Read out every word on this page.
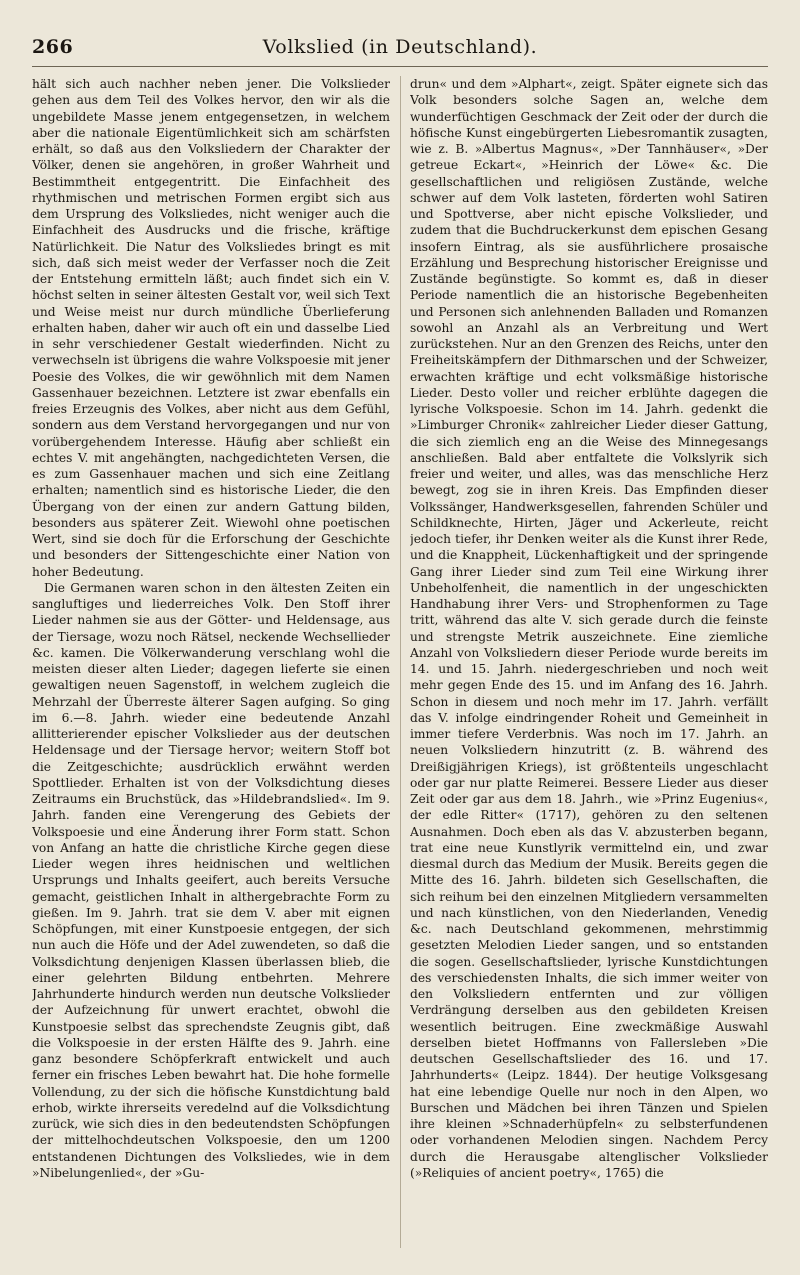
266	Volkslied (in Deutschland).

hält sich auch nachher neben jener. Die Volkslieder gehen aus dem Teil des Volkes hervor, den wir als die ungebildete Masse jenem entgegensetzen, in welchem aber die nationale Eigentümlichkeit sich am schärfsten erhält, so daß aus den Volksliedern der Charakter der Völker, denen sie angehören, in großer Wahrheit und Bestimmtheit entgegentritt. Die Einfachheit des rhythmischen und metrischen Formen ergibt sich aus dem Ursprung des Volksliedes, nicht weniger auch die Einfachheit des Ausdrucks und die frische, kräftige Natürlichkeit. Die Natur des Volksliedes bringt es mit sich, daß sich meist weder der Verfasser noch die Zeit der Entstehung ermitteln läßt; auch findet sich ein V. höchst selten in seiner ältesten Gestalt vor, weil sich Text und Weise meist nur durch mündliche Überlieferung erhalten haben, daher wir auch oft ein und dasselbe Lied in sehr verschiedener Gestalt wiederfinden. Nicht zu verwechseln ist übrigens die wahre Volkspoesie mit jener Poesie des Volkes, die wir gewöhnlich mit dem Namen Gassenhauer bezeichnen. Letztere ist zwar ebenfalls ein freies Erzeugnis des Volkes, aber nicht aus dem Gefühl, sondern aus dem Verstand hervorgegangen und nur von vorübergehendem Interesse. Häufig aber schließt ein echtes V. mit angehängten, nachgedichteten Versen, die es zum Gassenhauer machen und sich eine Zeitlang erhalten; namentlich sind es historische Lieder, die den Übergang von der einen zur andern Gattung bilden, besonders aus späterer Zeit. Wiewohl ohne poetischen Wert, sind sie doch für die Erforschung der Geschichte und besonders der Sittengeschichte einer Nation von hoher Bedeutung.

Die Germanen waren schon in den ältesten Zeiten ein sangluftiges und liederreiches Volk. Den Stoff ihrer Lieder nahmen sie aus der Götter- und Heldensage, aus der Tiersage, wozu noch Rätsel, neckende Wechsellieder &c. kamen. Die Völkerwanderung verschlang wohl die meisten dieser alten Lieder; dagegen lieferte sie einen gewaltigen neuen Sagenstoff, in welchem zugleich die Mehrzahl der Überreste älterer Sagen aufging. So ging im 6.—8. Jahrh. wieder eine bedeutende Anzahl allitterierender epischer Volkslieder aus der deutschen Heldensage und der Tiersage hervor; weitern Stoff bot die Zeitgeschichte; ausdrücklich erwähnt werden Spottlieder. Erhalten ist von der Volksdichtung dieses Zeitraums ein Bruchstück, das »Hildebrandslied«. Im 9. Jahrh. fanden eine Verengerung des Gebiets der Volkspoesie und eine Änderung ihrer Form statt. Schon von Anfang an hatte die christliche Kirche gegen diese Lieder wegen ihres heidnischen und weltlichen Ursprungs und Inhalts geeifert, auch bereits Versuche gemacht, geistlichen Inhalt in althergebrachte Form zu gießen. Im 9. Jahrh. trat sie dem V. aber mit eignen Schöpfungen, mit einer Kunstpoesie entgegen, der sich nun auch die Höfe und der Adel zuwendeten, so daß die Volksdichtung denjenigen Klassen überlassen blieb, die einer gelehrten Bildung entbehrten. Mehrere Jahrhunderte hindurch werden nun deutsche Volkslieder der Aufzeichnung für unwert erachtet, obwohl die Kunstpoesie selbst das sprechendste Zeugnis gibt, daß die Volkspoesie in der ersten Hälfte des 9. Jahrh. eine ganz besondere Schöpferkraft entwickelt und auch ferner ein frisches Leben bewahrt hat. Die hohe formelle Vollendung, zu der sich die höfische Kunstdichtung bald erhob, wirkte ihrerseits veredelnd auf die Volksdichtung zurück, wie sich dies in den bedeutendsten Schöpfungen der mittelhochdeutschen Volkspoesie, den um 1200 entstandenen Dichtungen des Volksliedes, wie in dem »Nibelungenlied«, der »Gu-

drun« und dem »Alphart«, zeigt. Später eignete sich das Volk besonders solche Sagen an, welche dem wunderfüchtigen Geschmack der Zeit oder der durch die höfische Kunst eingebürgerten Liebesromantik zusagten, wie z. B. »Albertus Magnus«, »Der Tannhäuser«, »Der getreue Eckart«, »Heinrich der Löwe« &c. Die gesellschaftlichen und religiösen Zustände, welche schwer auf dem Volk lasteten, förderten wohl Satiren und Spottverse, aber nicht epische Volkslieder, und zudem that die Buchdruckerkunst dem epischen Gesang insofern Eintrag, als sie ausführlichere prosaische Erzählung und Besprechung historischer Ereignisse und Zustände begünstigte. So kommt es, daß in dieser Periode namentlich die an historische Begebenheiten und Personen sich anlehnenden Balladen und Romanzen sowohl an Anzahl als an Verbreitung und Wert zurückstehen. Nur an den Grenzen des Reichs, unter den Freiheitskämpfern der Dithmarschen und der Schweizer, erwachten kräftige und echt volksmäßige historische Lieder. Desto voller und reicher erblühte dagegen die lyrische Volkspoesie. Schon im 14. Jahrh. gedenkt die »Limburger Chronik« zahlreicher Lieder dieser Gattung, die sich ziemlich eng an die Weise des Minnegesangs anschließen. Bald aber entfaltete die Volkslyrik sich freier und weiter, und alles, was das menschliche Herz bewegt, zog sie in ihren Kreis. Das Empfinden dieser Volkssänger, Handwerksgesellen, fahrenden Schüler und Schildknechte, Hirten, Jäger und Ackerleute, reicht jedoch tiefer, ihr Denken weiter als die Kunst ihrer Rede, und die Knappheit, Lückenhaftigkeit und der springende Gang ihrer Lieder sind zum Teil eine Wirkung ihrer Unbeholfenheit, die namentlich in der ungeschickten Handhabung ihrer Vers- und Strophenformen zu Tage tritt, während das alte V. sich gerade durch die feinste und strengste Metrik auszeichnete. Eine ziemliche Anzahl von Volksliedern dieser Periode wurde bereits im 14. und 15. Jahrh. niedergeschrieben und noch weit mehr gegen Ende des 15. und im Anfang des 16. Jahrh. Schon in diesem und noch mehr im 17. Jahrh. verfällt das V. infolge eindringender Roheit und Gemeinheit in immer tiefere Verderbnis. Was noch im 17. Jahrh. an neuen Volksliedern hinzutritt (z. B. während des Dreißigjährigen Kriegs), ist größtenteils ungeschlacht oder gar nur platte Reimerei. Bessere Lieder aus dieser Zeit oder gar aus dem 18. Jahrh., wie »Prinz Eugenius«, der edle Ritter« (1717), gehören zu den seltenen Ausnahmen. Doch eben als das V. abzusterben begann, trat eine neue Kunstlyrik vermittelnd ein, und zwar diesmal durch das Medium der Musik. Bereits gegen die Mitte des 16. Jahrh. bildeten sich Gesellschaften, die sich reihum bei den einzelnen Mitgliedern versammelten und nach künstlichen, von den Niederlanden, Venedig &c. nach Deutschland gekommenen, mehrstimmig gesetzten Melodien Lieder sangen, und so entstanden die sogen. Gesellschaftslieder, lyrische Kunstdichtungen des verschiedensten Inhalts, die sich immer weiter von den Volksliedern entfernten und zur völligen Verdrängung derselben aus den gebildeten Kreisen wesentlich beitrugen. Eine zweckmäßige Auswahl derselben bietet Hoffmanns von Fallersleben »Die deutschen Gesellschaftslieder des 16. und 17. Jahrhunderts« (Leipz. 1844). Der heutige Volksgesang hat eine lebendige Quelle nur noch in den Alpen, wo Burschen und Mädchen bei ihren Tänzen und Spielen ihre kleinen »Schnaderhüpfeln« zu selbsterfundenen oder vorhandenen Melodien singen. Nachdem Percy durch die Herausgabe altenglischer Volkslieder (»Reliquies of ancient poetry«, 1765) die
